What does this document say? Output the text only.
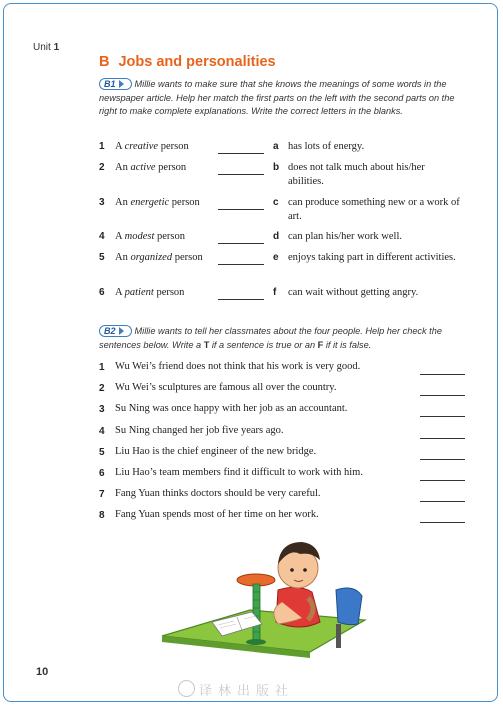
Unit 1
B Jobs and personalities
B1 Millie wants to make sure that she knows the meanings of some words in the newspaper article. Help her match the first parts on the left with the second parts on the right to make complete explanations. Write the correct letters in the blanks.
1 A creative person	a has lots of energy.
2 An active person	b does not talk much about his/her abilities.
3 An energetic person	c can produce something new or a work of art.
4 A modest person	d can plan his/her work well.
5 An organized person	e enjoys taking part in different activities.
6 A patient person	f can wait without getting angry.
B2 Millie wants to tell her classmates about the four people. Help her check the sentences below. Write a T if a sentence is true or an F if it is false.
1 Wu Wei’s friend does not think that his work is very good.
2 Wu Wei’s sculptures are famous all over the country.
3 Su Ning was once happy with her job as an accountant.
4 Su Ning changed her job five years ago.
5 Liu Hao is the chief engineer of the new bridge.
6 Liu Hao’s team members find it difficult to work with him.
7 Fang Yuan thinks doctors should be very careful.
8 Fang Yuan spends most of her time on her work.
10
译林出版社
